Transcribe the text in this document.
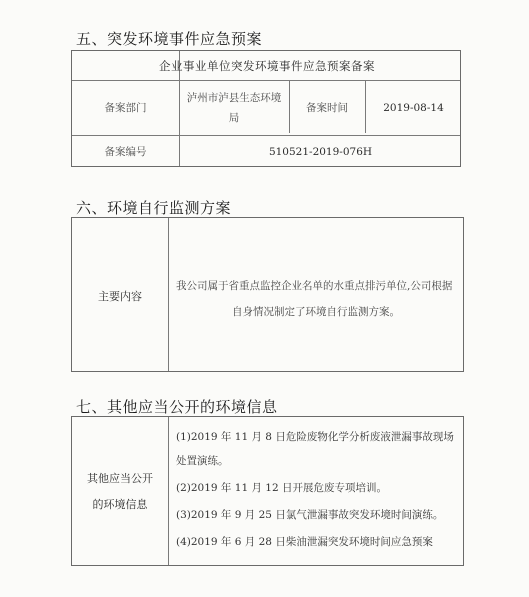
五、突发环境事件应急预案
企业事业单位突发环境事件应急预案备案
备案部门
泸州市泸县生态环境
局
备案时间	2019-08-14
备案编号	510521-2019-076H
六、环境自行监测方案
主要内容
我公司属于省重点监控企业名单的水重点排污单位,公司根据
自身情况制定了环境自行监测方案。
七、其他应当公开的环境信息
其他应当公开
的环境信息
(1)2019 年 11 月 8 日危险废物化学分析废液泄漏事故现场
处置演练。
(2)2019 年 11 月 12 日开展危废专项培训。
(3)2019 年 9 月 25 日氯气泄漏事故突发环境时间演练。
(4)2019 年 6 月 28 日柴油泄漏突发环境时间应急预案
